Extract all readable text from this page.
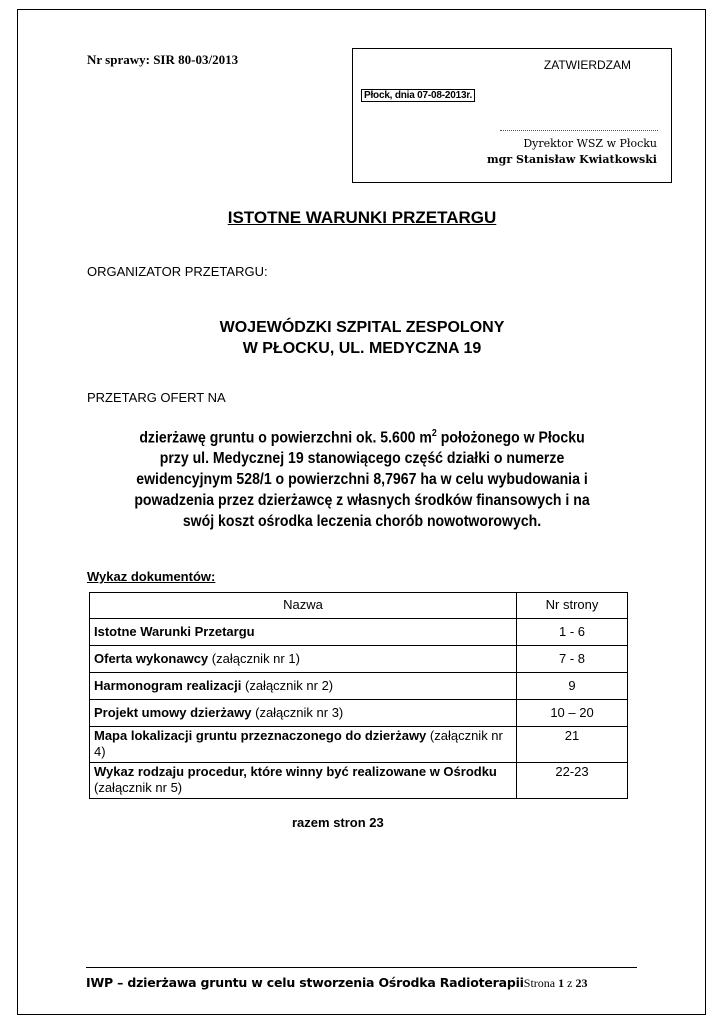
Nr sprawy: SIR 80-03/2013	ZATWIERDZAM
Płock, dnia 07-08-2013r.
Dyrektor WSZ w Płocku
mgr Stanisław Kwiatkowski
ISTOTNE WARUNKI PRZETARGU
ORGANIZATOR PRZETARGU:
WOJEWÓDZKI SZPITAL ZESPOLONY
W PŁOCKU, UL. MEDYCZNA 19
PRZETARG OFERT NA
dzierżawę gruntu o powierzchni ok. 5.600 $m^2$ położonego w Płocku przy ul. Medycznej 19 stanowiącego część działki o numerze ewidencyjnym 528/1 o powierzchni 8,7967 ha w celu wybudowania i powadzenia przez dzierżawcę z własnych środków finansowych i na swój koszt ośrodka leczenia chorób nowotworowych.
Wykaz dokumentów:
Nazwa	Nr strony
Istotne Warunki Przetargu	1 - 6
Oferta wykonawcy (załącznik nr 1)	7 - 8
Harmonogram realizacji (załącznik nr 2)	9
Projekt umowy dzierżawy (załącznik nr 3)	10 – 20
Mapa lokalizacji gruntu przeznaczonego do dzierżawy (załącznik nr 4)	21
Wykaz rodzaju procedur, które winny być realizowane w Ośrodku (załącznik nr 5)	22-23
razem stron 23
IWP – dzierżawa gruntu w celu stworzenia Ośrodka RadioterapiiStrona 1 z 23
